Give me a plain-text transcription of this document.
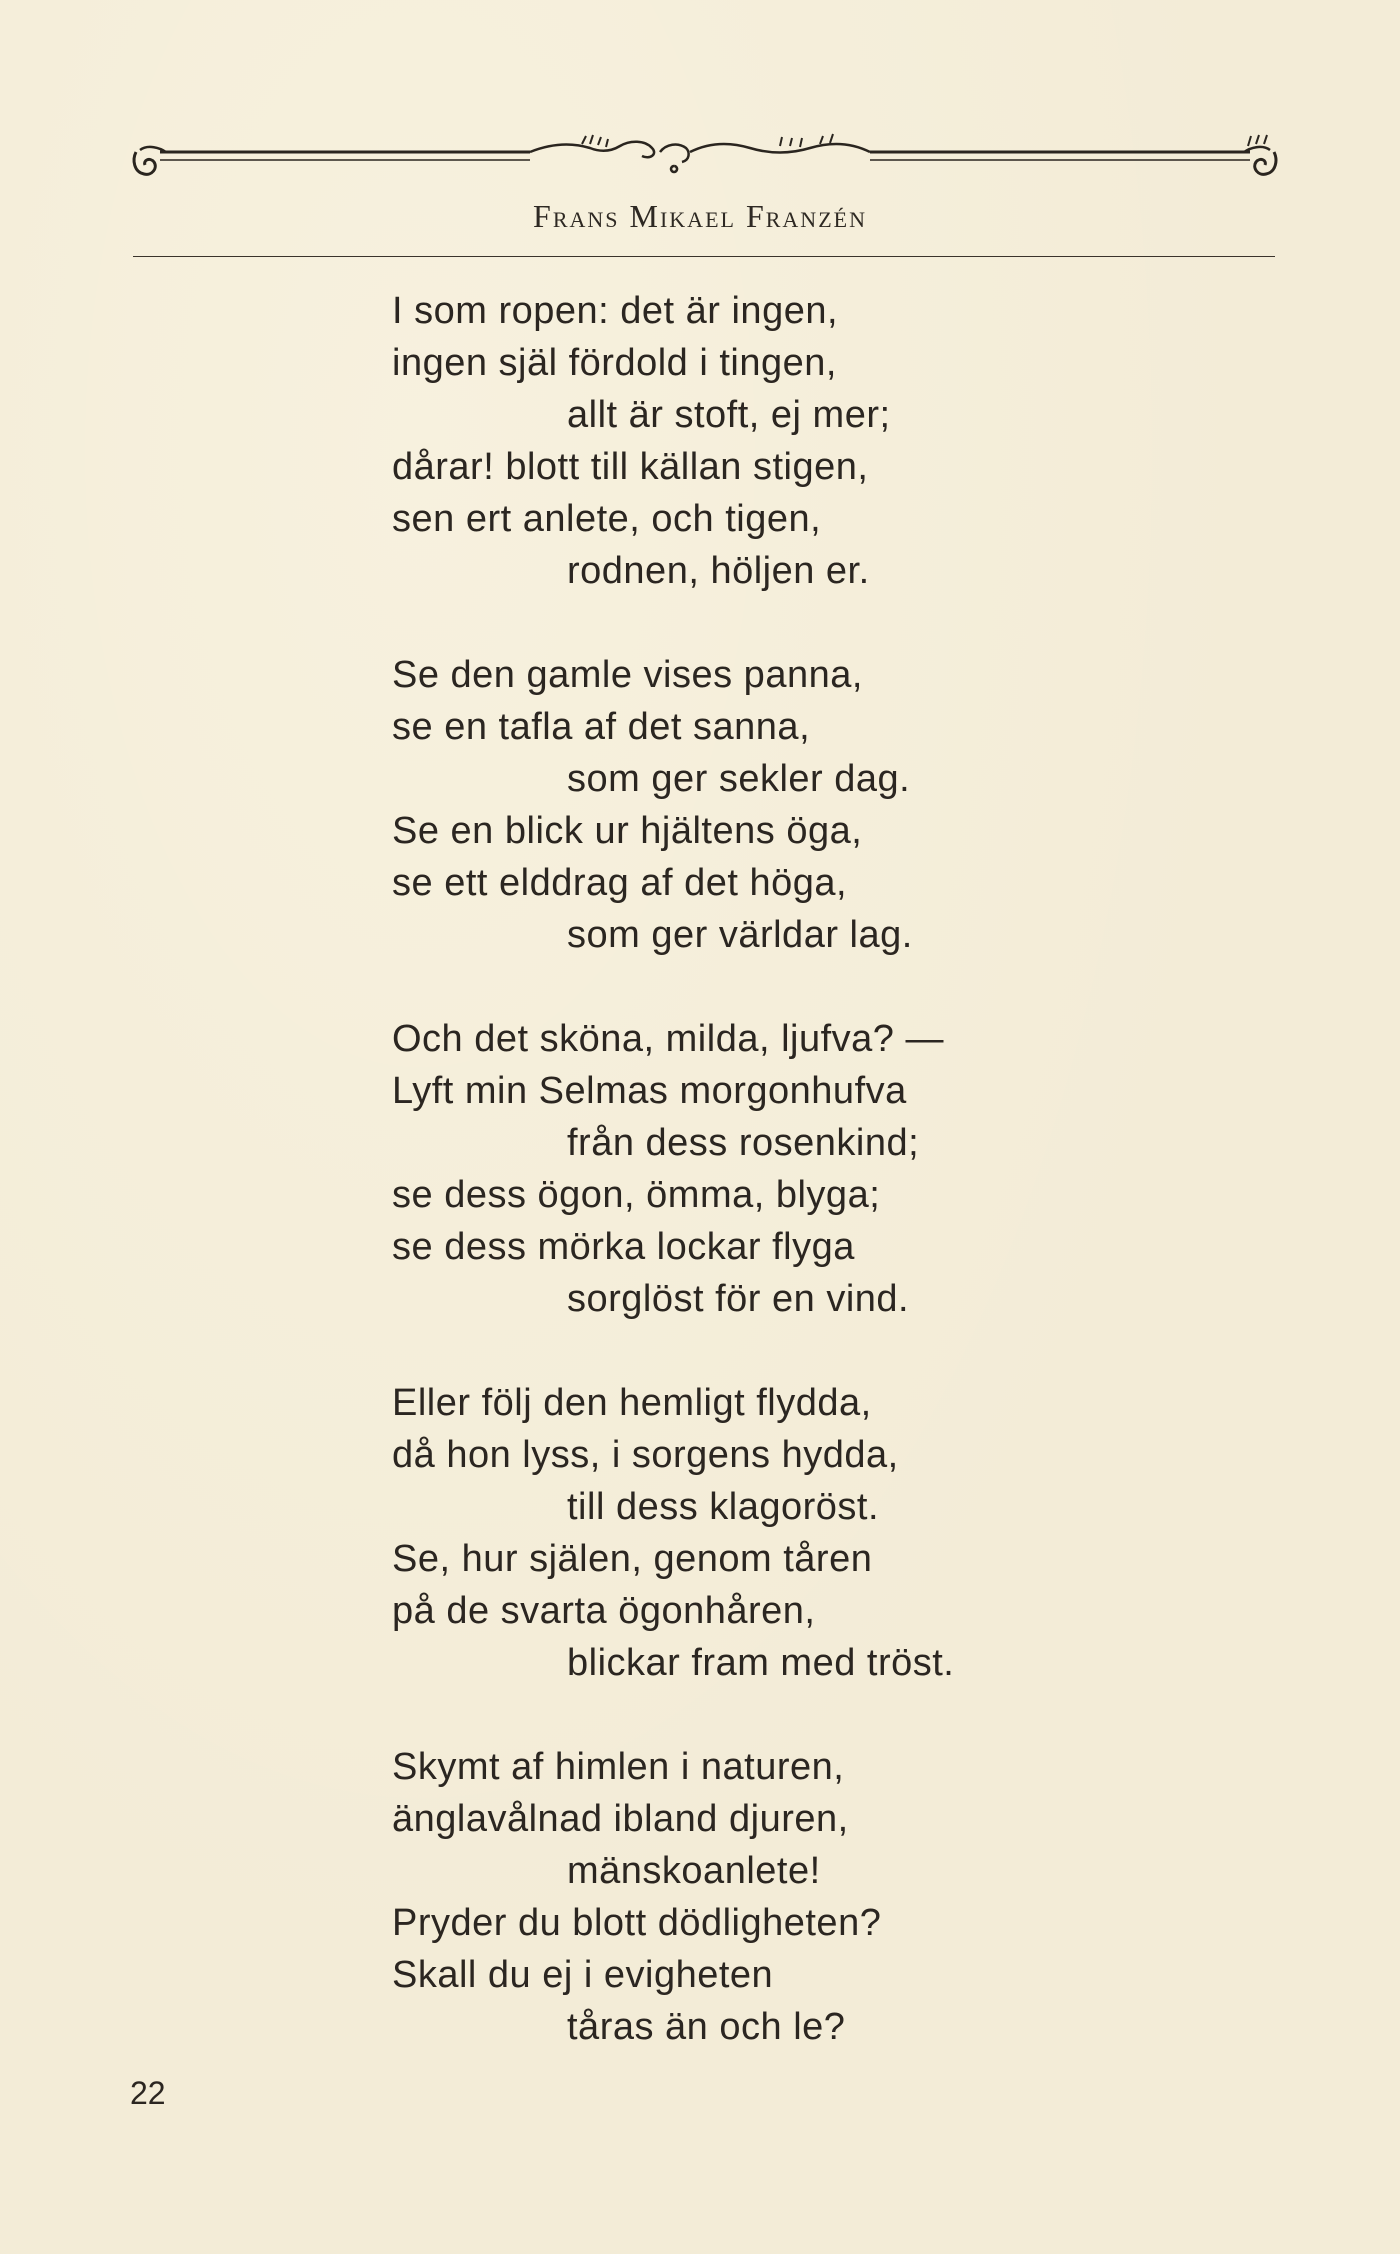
Frans Mikael Franzén
I som ropen: det är ingen,
ingen själ fördold i tingen,
allt är stoft, ej mer;
dårar! blott till källan stigen,
sen ert anlete, och tigen,
rodnen, höljen er.
Se den gamle vises panna,
se en tafla af det sanna,
som ger sekler dag.
Se en blick ur hjältens öga,
se ett elddrag af det höga,
som ger världar lag.
Och det sköna, milda, ljufva? —
Lyft min Selmas morgonhufva
från dess rosenkind;
se dess ögon, ömma, blyga;
se dess mörka lockar flyga
sorglöst för en vind.
Eller följ den hemligt flydda,
då hon lyss, i sorgens hydda,
till dess klagoröst.
Se, hur själen, genom tåren
på de svarta ögonhåren,
blickar fram med tröst.
Skymt af himlen i naturen,
änglavålnad ibland djuren,
mänskoanlete!
Pryder du blott dödligheten?
Skall du ej i evigheten
tåras än och le?
22
